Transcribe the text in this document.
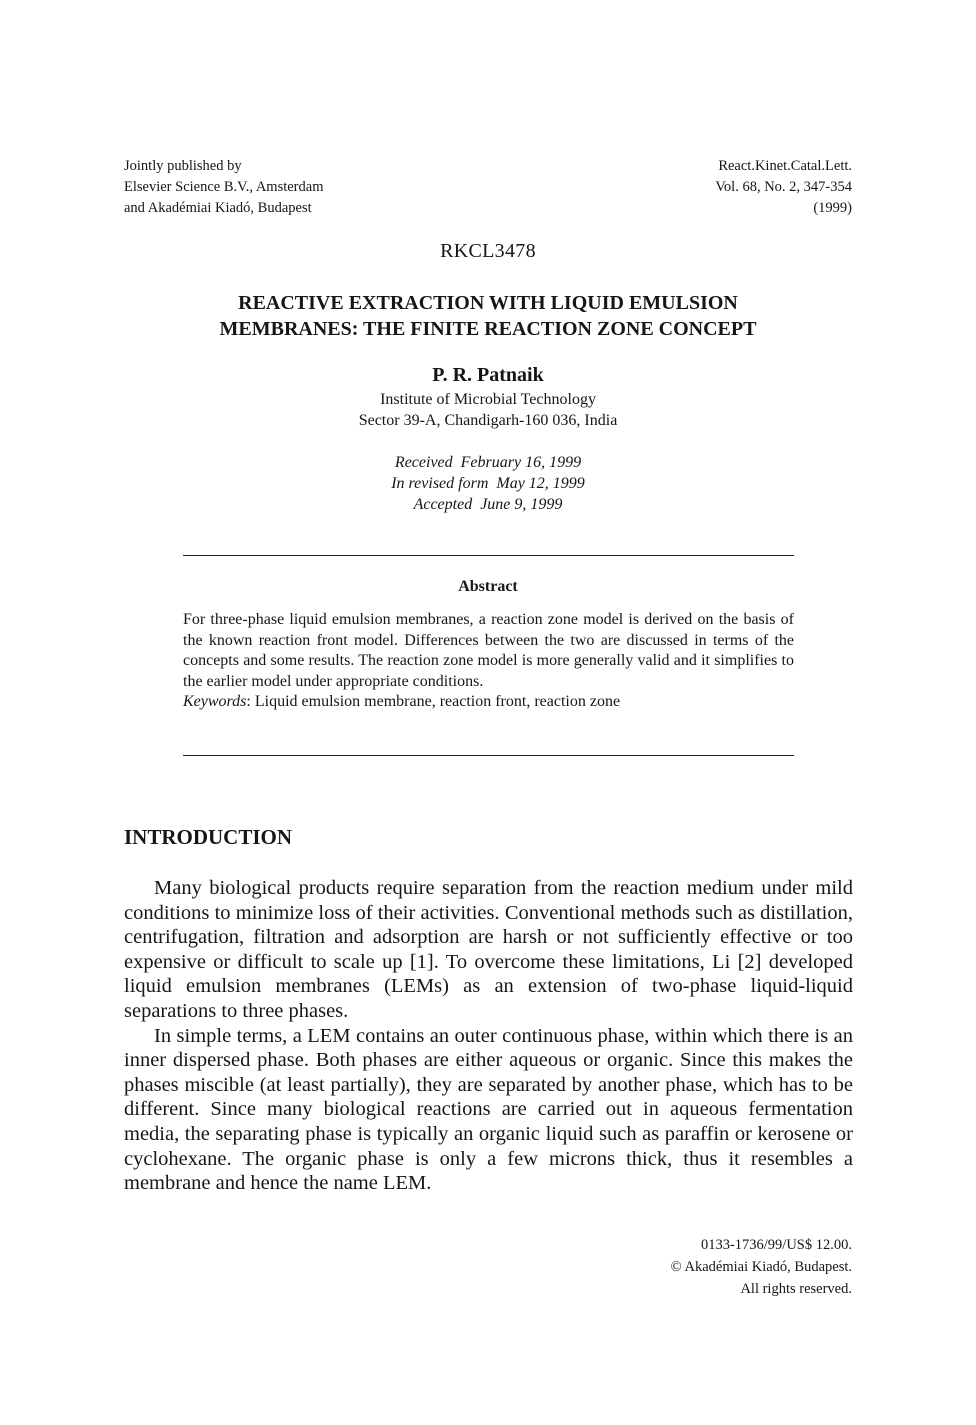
Jointly published by
Elsevier Science B.V., Amsterdam
and Akadémiai Kiadó, Budapest
React.Kinet.Catal.Lett.
Vol. 68, No. 2, 347-354
(1999)
RKCL3478
REACTIVE EXTRACTION WITH LIQUID EMULSION
MEMBRANES: THE FINITE REACTION ZONE CONCEPT
P. R. Patnaik
Institute of Microbial Technology
Sector 39-A, Chandigarh-160 036, India
Received  February 16, 1999
In revised form  May 12, 1999
Accepted  June 9, 1999
Abstract
For three-phase liquid emulsion membranes, a reaction zone model is derived on the basis of the known reaction front model. Differences between the two are discussed in terms of the concepts and some results. The reaction zone model is more generally valid and it simplifies to the earlier model under appropriate conditions.
Keywords: Liquid emulsion membrane, reaction front, reaction zone
INTRODUCTION

Many biological products require separation from the reaction medium under mild conditions to minimize loss of their activities. Conventional methods such as distillation, centrifugation, filtration and adsorption are harsh or not sufficiently effective or too expensive or difficult to scale up [1]. To overcome these limitations, Li [2] developed liquid emulsion membranes (LEMs) as an extension of two-phase liquid-liquid separations to three phases.

In simple terms, a LEM contains an outer continuous phase, within which there is an inner dispersed phase. Both phases are either aqueous or organic. Since this makes the phases miscible (at least partially), they are separated by another phase, which has to be different. Since many biological reactions are carried out in aqueous fermentation media, the separating phase is typically an organic liquid such as paraffin or kerosene or cyclohexane. The organic phase is only a few microns thick, thus it resembles a membrane and hence the name LEM.

0133-1736/99/US$ 12.00.
© Akadémiai Kiadó, Budapest.
All rights reserved.
